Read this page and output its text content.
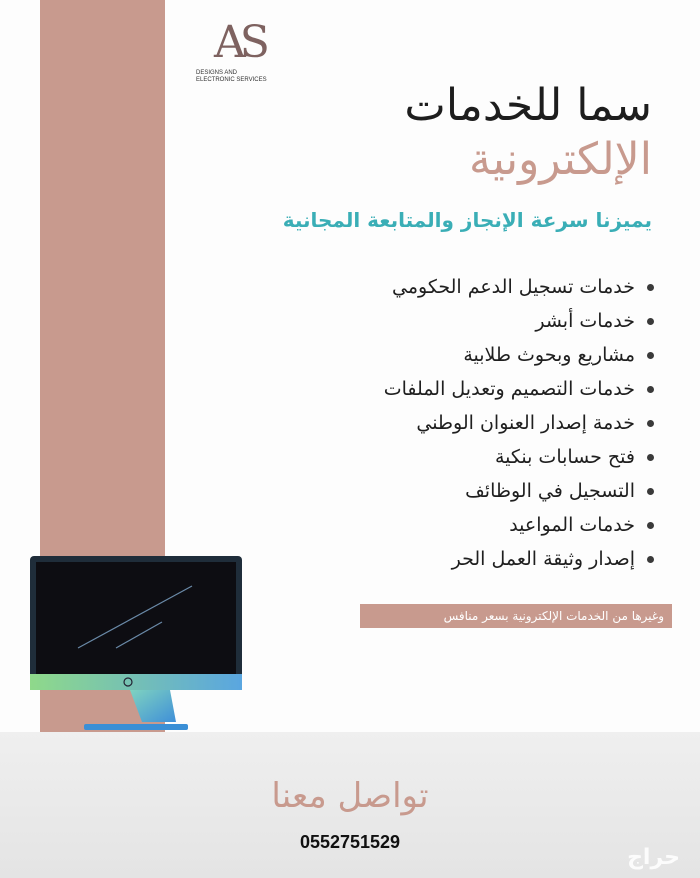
AS
DESIGNS AND ELECTRONIC SERVICES	سما للخدمات
الإلكترونية
يميزنا سرعة الإنجاز والمتابعة المجانية
خدمات تسجيل الدعم الحكومي
خدمات أبشر
مشاريع وبحوث طلابية
خدمات التصميم وتعديل الملفات
خدمة إصدار العنوان الوطني
فتح حسابات بنكية
التسجيل في الوظائف
خدمات المواعيد
إصدار وثيقة العمل الحر
وغيرها من الخدمات الإلكترونية بسعر منافس
تواصل معنا
0552751529
حراج
